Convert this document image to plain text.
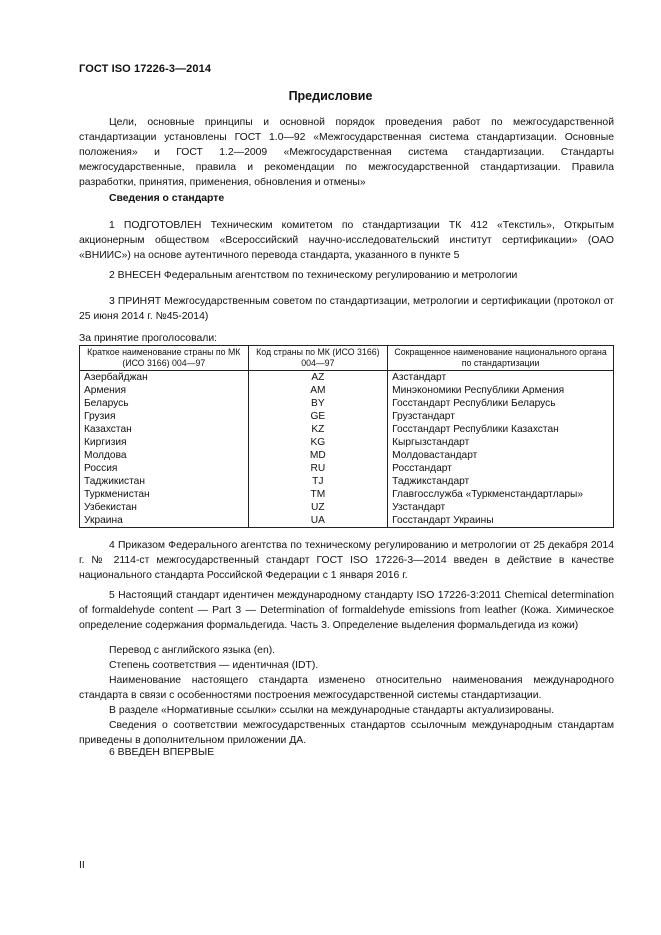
ГОСТ ISO 17226-3—2014
Предисловие

Цели, основные принципы и основной порядок проведения работ по межгосударственной стандартизации установлены ГОСТ 1.0—92 «Межгосударственная система стандартизации. Основные положения» и ГОСТ 1.2—2009 «Межгосударственная система стандартизации. Стандарты межгосударственные, правила и рекомендации по межгосударственной стандартизации. Правила разработки, принятия, применения, обновления и отмены»

Сведения о стандарте

1 ПОДГОТОВЛЕН Техническим комитетом по стандартизации ТК 412 «Текстиль», Открытым акционерным обществом «Всероссийский научно-исследовательский институт сертификации» (ОАО «ВНИИС») на основе аутентичного перевода стандарта, указанного в пункте 5

2 ВНЕСЕН Федеральным агентством по техническому регулированию и метрологии

3 ПРИНЯТ Межгосударственным советом по стандартизации, метрологии и сертификации (протокол от 25 июня 2014 г. №45-2014)

За принятие проголосовали:
Краткое наименование страны по МК (ИСО 3166) 004—97	Код страны по МК (ИСО 3166) 004—97	Сокращенное наименование национального органа по стандартизации
Азербайджан	AZ	Азстандарт
Армения	AM	Минэкономики Республики Армения
Беларусь	BY	Госстандарт Республики Беларусь
Грузия	GE	Грузстандарт
Казахстан	KZ	Госстандарт Республики Казахстан
Киргизия	KG	Кыргызстандарт
Молдова	MD	Молдовастандарт
Россия	RU	Росстандарт
Таджикистан	TJ	Таджикстандарт
Туркменистан	TM	Главгосслужба «Туркменстандартлары»
Узбекистан	UZ	Узстандарт
Украина	UA	Госстандарт Украины

4 Приказом Федерального агентства по техническому регулированию и метрологии от 25 декабря 2014 г. № 2114-ст межгосударственный стандарт ГОСТ ISO 17226-3—2014 введен в действие в качестве национального стандарта Российской Федерации с 1 января 2016 г.

5 Настоящий стандарт идентичен международному стандарту ISO 17226-3:2011 Chemical determination of formaldehyde content — Part 3 — Determination of formaldehyde emissions from leather (Кожа. Химическое определение содержания формальдегида. Часть 3. Определение выделения формальдегида из кожи)

Перевод с английского языка (en).

Степень соответствия — идентичная (IDT).

Наименование настоящего стандарта изменено относительно наименования международного стандарта в связи с особенностями построения межгосударственной системы стандартизации.

В разделе «Нормативные ссылки» ссылки на международные стандарты актуализированы.

Сведения о соответствии межгосударственных стандартов ссылочным международным стандартам приведены в дополнительном приложении ДА.

6 ВВЕДЕН ВПЕРВЫЕ

II
